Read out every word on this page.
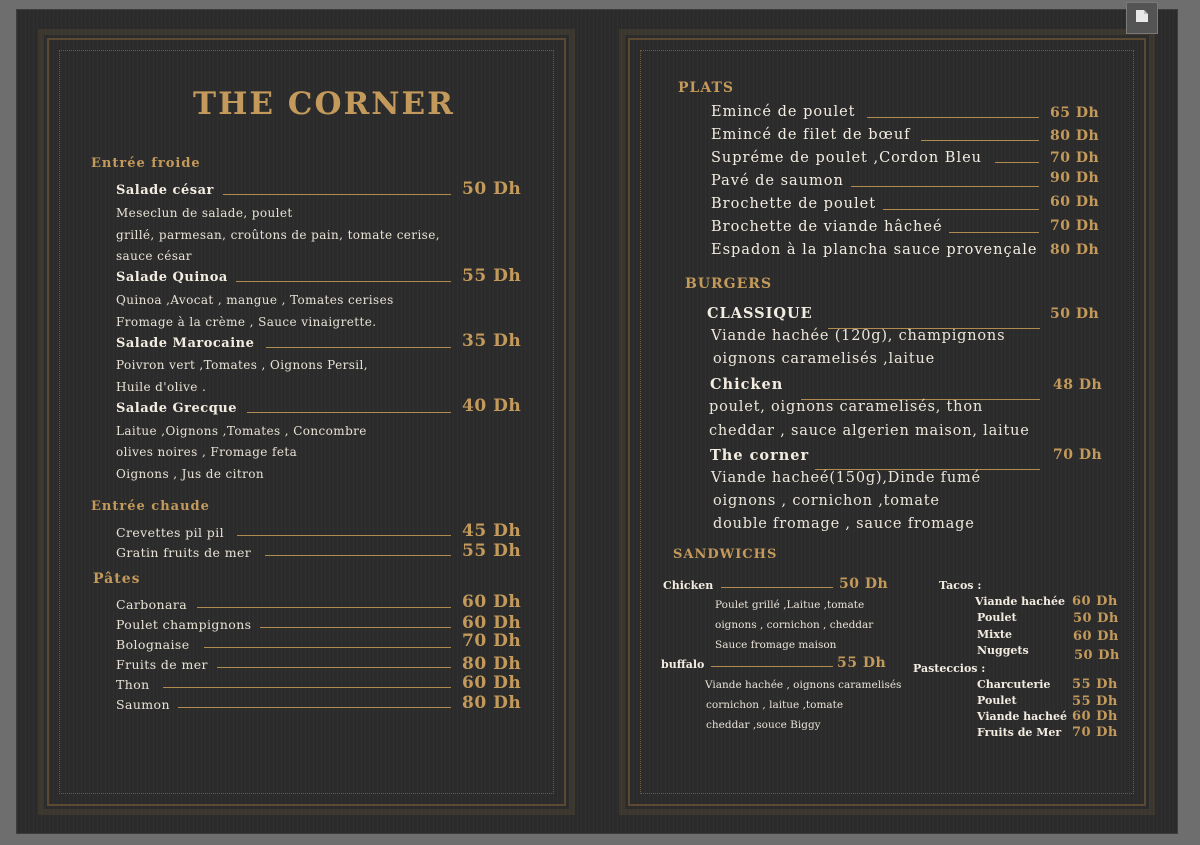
THE CORNER
Entrée froide
Salade césar	50 Dh
Meseclun de salade, poulet
grillé, parmesan, croûtons de pain, tomate cerise,
sauce césar
Salade Quinoa	55 Dh
Quinoa ,Avocat , mangue , Tomates cerises
Fromage à la crème , Sauce vinaigrette.
Salade Marocaine	35 Dh
Poivron vert ,Tomates , Oignons Persil,
Huile d'olive .
Salade Grecque	40 Dh
Laitue ,Oignons ,Tomates , Concombre
olives noires , Fromage feta
Oignons , Jus de citron
Entrée chaude
Crevettes pil pil	45 Dh
Gratin fruits de mer	55 Dh
Pâtes
Carbonara	60 Dh
Poulet champignons	60 Dh
Bolognaise	70 Dh
Fruits de mer	80 Dh
Thon	60 Dh
Saumon	80 Dh
PLATS
Emincé de poulet	65 Dh
Emincé de filet de bœuf	80 Dh
Supréme de poulet ,Cordon Bleu	70 Dh
Pavé de saumon	90 Dh
Brochette de poulet	60 Dh
Brochette de viande hâcheé	70 Dh
Espadon à la plancha sauce provençale 80 Dh
BURGERS
CLASSIQUE	50 Dh
Viande hachée (120g), champignons
oignons caramelisés ,laitue
Chicken	48 Dh
poulet, oignons caramelisés, thon
cheddar , sauce algerien maison, laitue
The corner	70 Dh
Viande hacheé(150g),Dinde fumé
oignons , cornichon ,tomate
double fromage , sauce fromage
SANDWICHS
Chicken	50 Dh
Poulet grillé ,Laitue ,tomate
oignons , cornichon , cheddar
Sauce fromage maison
buffalo	55 Dh
Viande hachée , oignons caramelisés
cornichon , laitue ,tomate
cheddar ,souce Biggy
Tacos :
Viande hachée 60 Dh
Poulet	50 Dh
Mixte	60 Dh
Nuggets	50 Dh
Pasteccios :
Charcuterie 55 Dh
Poulet	55 Dh
Viande hacheé 60 Dh
Fruits de Mer 70 Dh
